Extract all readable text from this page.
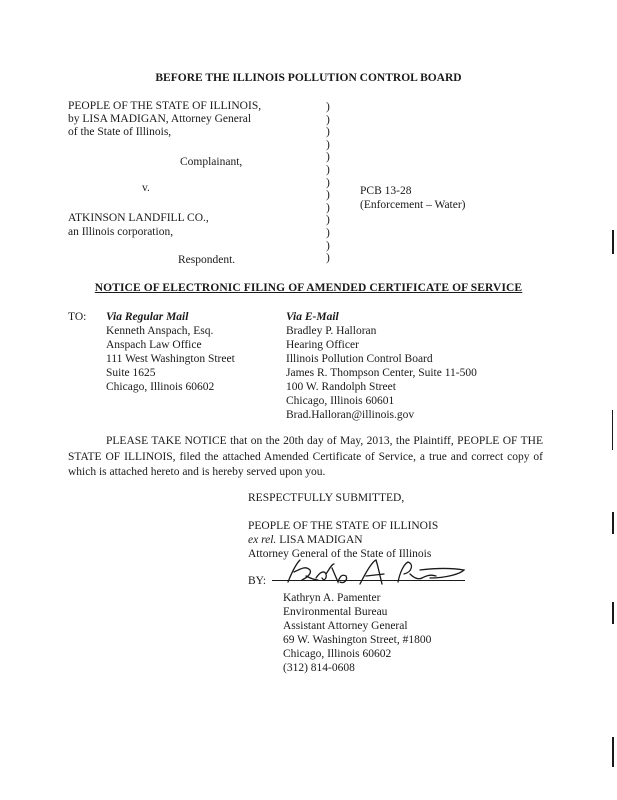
BEFORE THE ILLINOIS POLLUTION CONTROL BOARD
PEOPLE OF THE STATE OF ILLINOIS,
by LISA MADIGAN, Attorney General
of the State of Illinois,
Complainant,
v.
ATKINSON LANDFILL CO.,
an Illinois corporation,
Respondent.
)
)
)
)
)
)
)
)
)
)
)
)
)
PCB 13-28
(Enforcement – Water)
NOTICE OF ELECTRONIC FILING OF AMENDED CERTIFICATE OF SERVICE
TO: Via Regular Mail
Kenneth Anspach, Esq.
Anspach Law Office
111 West Washington Street
Suite 1625
Chicago, Illinois 60602
Via E-Mail
Bradley P. Halloran
Hearing Officer
Illinois Pollution Control Board
James R. Thompson Center, Suite 11-500
100 W. Randolph Street
Chicago, Illinois 60601
Brad.Halloran@illinois.gov
PLEASE TAKE NOTICE that on the 20th day of May, 2013, the Plaintiff, PEOPLE OF THE STATE OF ILLINOIS, filed the attached Amended Certificate of Service, a true and correct copy of which is attached hereto and is hereby served upon you.
RESPECTFULLY SUBMITTED,
PEOPLE OF THE STATE OF ILLINOIS
ex rel. LISA MADIGAN
Attorney General of the State of Illinois
BY:
Kathryn A. Pamenter
Environmental Bureau
Assistant Attorney General
69 W. Washington Street, #1800
Chicago, Illinois 60602
(312) 814-0608
